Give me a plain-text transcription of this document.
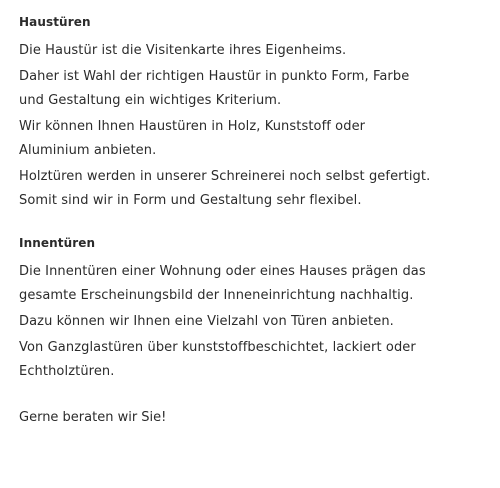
Haustüren
Die Haustür ist die Visitenkarte ihres Eigenheims.
Daher ist Wahl der richtigen Haustür in punkto Form, Farbe
und Gestaltung ein wichtiges Kriterium.
Wir können Ihnen Haustüren in Holz, Kunststoff oder
Aluminium anbieten.
Holztüren werden in unserer Schreinerei noch selbst gefertigt.
Somit sind wir in Form und Gestaltung sehr flexibel.
Innentüren
Die Innentüren einer Wohnung oder eines Hauses prägen das
gesamte Erscheinungsbild der Inneneinrichtung nachhaltig.
Dazu können wir Ihnen eine Vielzahl von Türen anbieten.
Von Ganzglastüren über kunststoffbeschichtet, lackiert oder
Echtholztüren.
Gerne beraten wir Sie!
